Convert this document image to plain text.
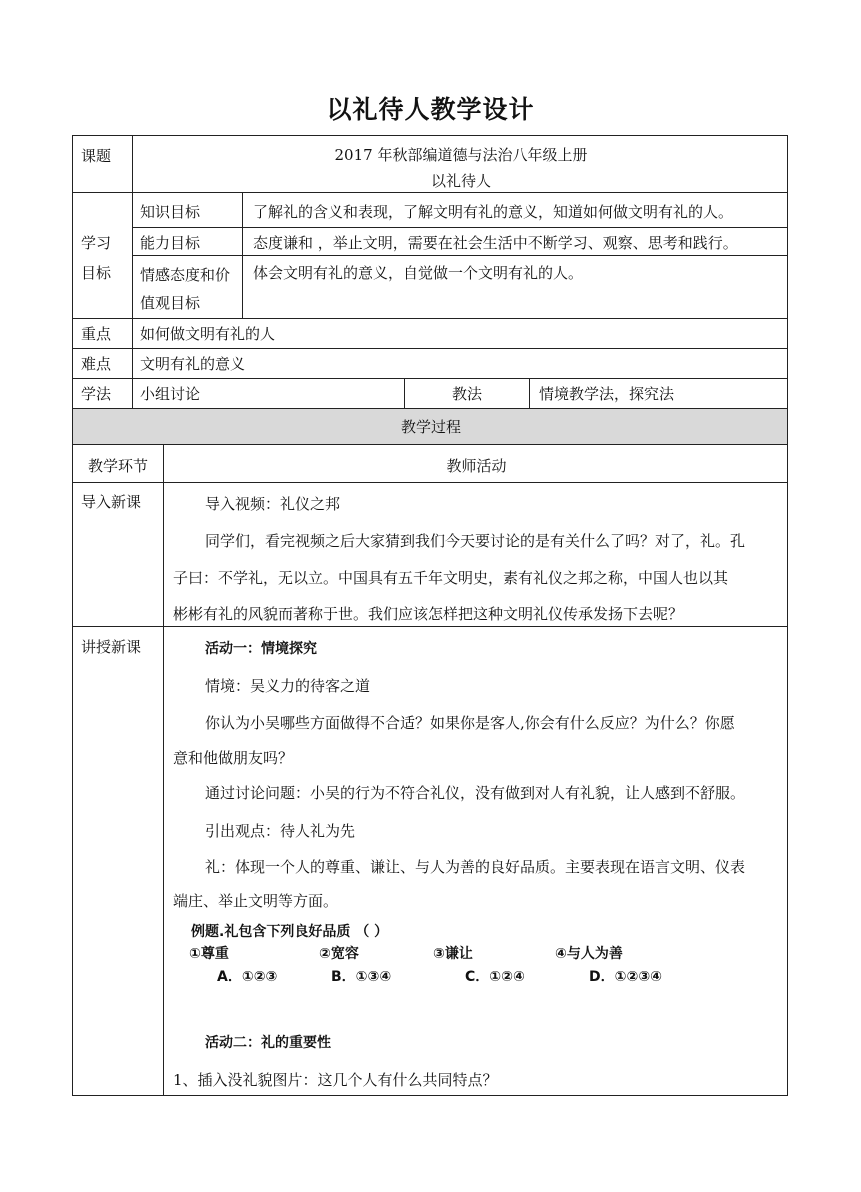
以礼待人教学设计
课题	2017 年秋部编道德与法治八年级上册
以礼待人
学习
目标
知识目标	了解礼的含义和表现，了解文明有礼的意义，知道如何做文明有礼的人。
能力目标	态度谦和 ，举止文明，需要在社会生活中不断学习、观察、思考和践行。
情感态度和价
值观目标
体会文明有礼的意义，自觉做一个文明有礼的人。
重点 如何做文明有礼的人
难点 文明有礼的意义
学法 小组讨论	教法	情境教学法，探究法
教学过程
教学环节	教师活动
导入新课	导入视频：礼仪之邦
同学们，看完视频之后大家猜到我们今天要讨论的是有关什么了吗？对了，礼。孔
子曰：不学礼，无以立。中国具有五千年文明史，素有礼仪之邦之称，中国人也以其
彬彬有礼的风貌而著称于世。我们应该怎样把这种文明礼仪传承发扬下去呢？
讲授新课	活动一：情境探究
情境：吴义力的待客之道
你认为小吴哪些方面做得不合适？如果你是客人,你会有什么反应？为什么？你愿
意和他做朋友吗？
通过讨论问题：小吴的行为不符合礼仪，没有做到对人有礼貌，让人感到不舒服。
引出观点：待人礼为先
礼：体现一个人的尊重、谦让、与人为善的良好品质。主要表现在语言文明、仪表
端庄、举止文明等方面。
例题.礼包含下列良好品质 （ ）
①尊重	②宽容	③谦让	④与人为善
A．①②③	B．①③④	C．①②④	D．①②③④
活动二：礼的重要性
1、插入没礼貌图片：这几个人有什么共同特点？
